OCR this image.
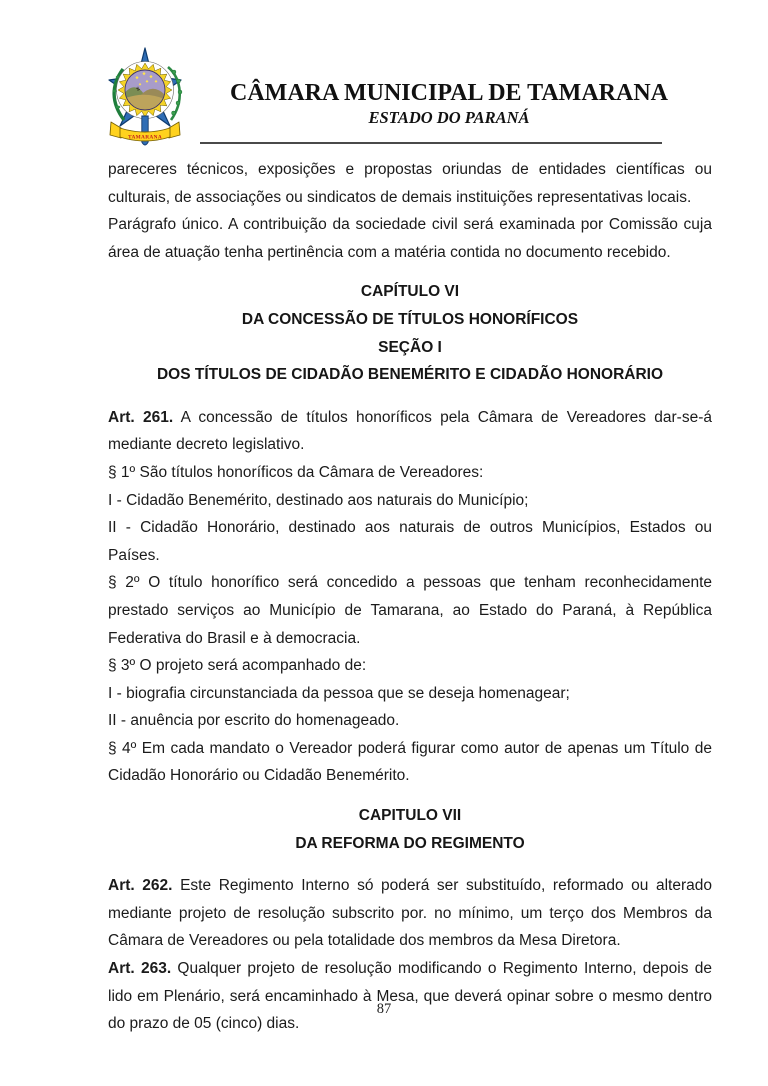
TAMARANA
CÂMARA MUNICIPAL DE TAMARANA
ESTADO DO PARANÁ

pareceres técnicos, exposições e propostas oriundas de entidades científicas ou culturais, de associações ou sindicatos de demais instituições representativas locais.

Parágrafo único. A contribuição da sociedade civil será examinada por Comissão cuja área de atuação tenha pertinência com a matéria contida no documento recebido.

CAPÍTULO VI
DA CONCESSÃO DE TÍTULOS HONORÍFICOS
SEÇÃO I
DOS TÍTULOS DE CIDADÃO BENEMÉRITO E CIDADÃO HONORÁRIO

Art. 261. A concessão de títulos honoríficos pela Câmara de Vereadores dar-se-á mediante decreto legislativo.

§ 1º São títulos honoríficos da Câmara de Vereadores:

I - Cidadão Benemérito, destinado aos naturais do Município;

II - Cidadão Honorário, destinado aos naturais de outros Municípios, Estados ou Países.

§ 2º O título honorífico será concedido a pessoas que tenham reconhecidamente prestado serviços ao Município de Tamarana, ao Estado do Paraná, à República Federativa do Brasil e à democracia.

§ 3º O projeto será acompanhado de:

I - biografia circunstanciada da pessoa que se deseja homenagear;

II - anuência por escrito do homenageado.

§ 4º Em cada mandato o Vereador poderá figurar como autor de apenas um Título de Cidadão Honorário ou Cidadão Benemérito.

CAPITULO VII
DA REFORMA DO REGIMENTO

Art. 262. Este Regimento Interno só poderá ser substituído, reformado ou alterado mediante projeto de resolução subscrito por. no mínimo, um terço dos Membros da Câmara de Vereadores ou pela totalidade dos membros da Mesa Diretora.

Art. 263. Qualquer projeto de resolução modificando o Regimento Interno, depois de lido em Plenário, será encaminhado à Mesa, que deverá opinar sobre o mesmo dentro do prazo de 05 (cinco) dias.

87
